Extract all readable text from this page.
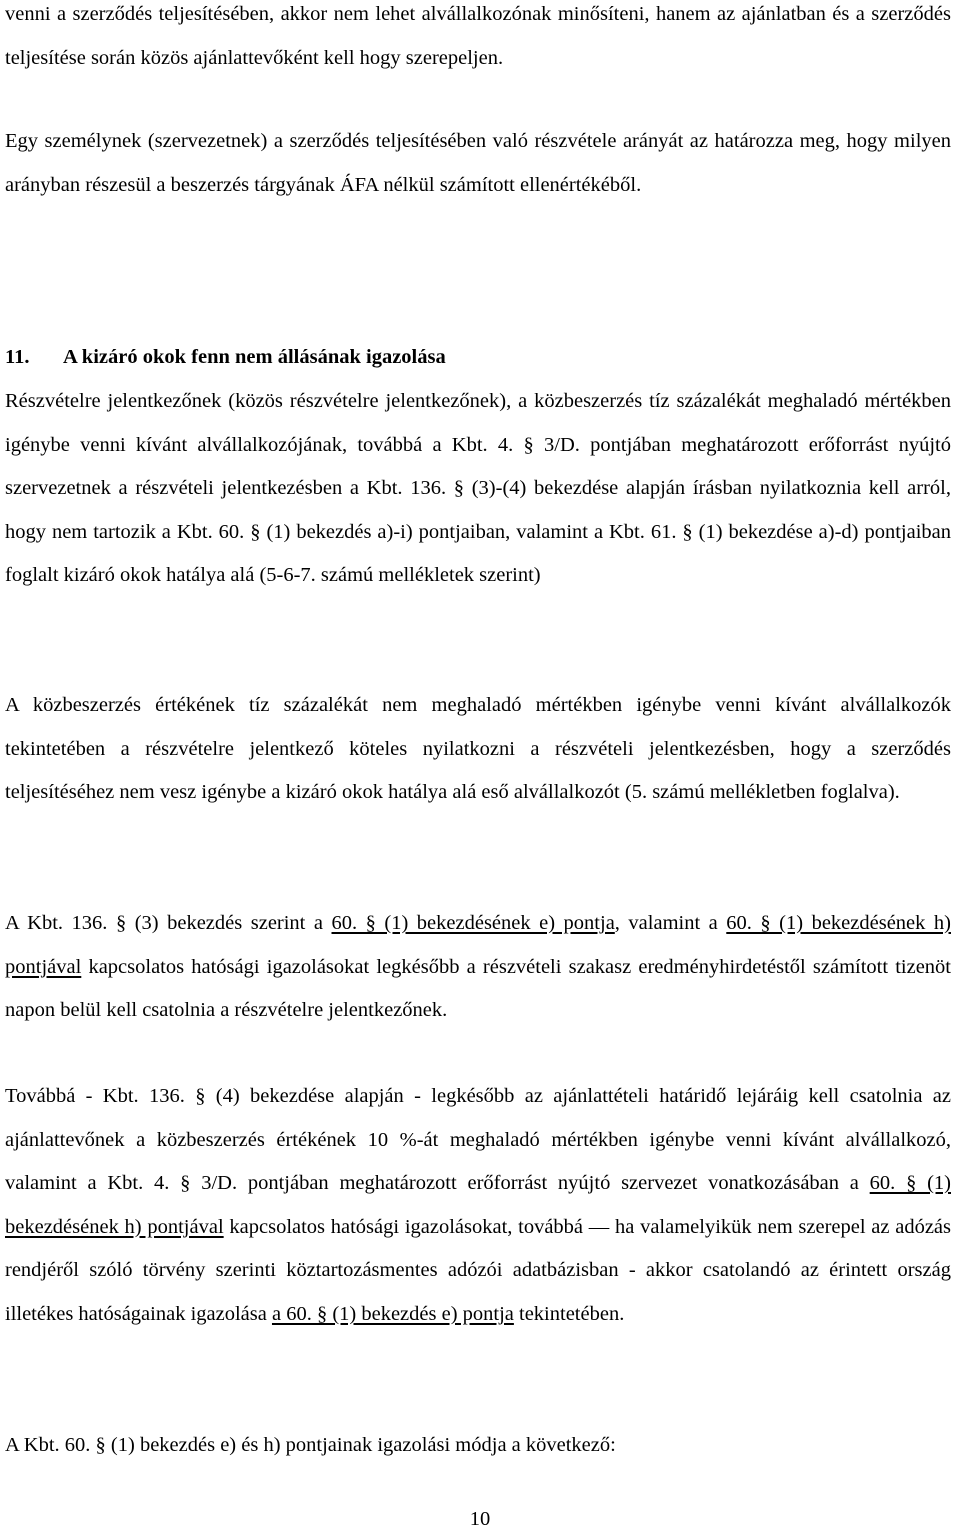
venni a szerződés teljesítésében, akkor nem lehet alvállalkozónak minősíteni, hanem az ajánlatban és a szerződés teljesítése során közös ajánlattevőként kell hogy szerepeljen.

Egy személynek (szervezetnek) a szerződés teljesítésében való részvétele arányát az határozza meg, hogy milyen arányban részesül a beszerzés tárgyának ÁFA nélkül számított ellenértékéből.

11. A kizáró okok fenn nem állásának igazolása

Részvételre jelentkezőnek (közös részvételre jelentkezőnek), a közbeszerzés tíz százalékát meghaladó mértékben igénybe venni kívánt alvállalkozójának, továbbá a Kbt. 4. § 3/D. pontjában meghatározott erőforrást nyújtó szervezetnek a részvételi jelentkezésben a Kbt. 136. § (3)-(4) bekezdése alapján írásban nyilatkoznia kell arról, hogy nem tartozik a Kbt. 60. § (1) bekezdés a)-i) pontjaiban, valamint a Kbt. 61. § (1) bekezdése a)-d) pontjaiban foglalt kizáró okok hatálya alá (5-6-7. számú mellékletek szerint)

A közbeszerzés értékének tíz százalékát nem meghaladó mértékben igénybe venni kívánt alvállalkozók tekintetében a részvételre jelentkező köteles nyilatkozni a részvételi jelentkezésben, hogy a szerződés teljesítéséhez nem vesz igénybe a kizáró okok hatálya alá eső alvállalkozót (5. számú mellékletben foglalva).

A Kbt. 136. § (3) bekezdés szerint a 60. § (1) bekezdésének e) pontja, valamint a 60. § (1) bekezdésének h) pontjával kapcsolatos hatósági igazolásokat legkésőbb a részvételi szakasz eredményhirdetéstől számított tizenöt napon belül kell csatolnia a részvételre jelentkezőnek.

Továbbá - Kbt. 136. § (4) bekezdése alapján - legkésőbb az ajánlattételi határidő lejáráig kell csatolnia az ajánlattevőnek a közbeszerzés értékének 10 %-át meghaladó mértékben igénybe venni kívánt alvállalkozó, valamint a Kbt. 4. § 3/D. pontjában meghatározott erőforrást nyújtó szervezet vonatkozásában a 60. § (1) bekezdésének h) pontjával kapcsolatos hatósági igazolásokat, továbbá — ha valamelyikük nem szerepel az adózás rendjéről szóló törvény szerinti köztartozásmentes adózói adatbázisban - akkor csatolandó az érintett ország illetékes hatóságainak igazolása a 60. § (1) bekezdés e) pontja tekintetében.

A Kbt. 60. § (1) bekezdés e) és h) pontjainak igazolási módja a következő:

10
